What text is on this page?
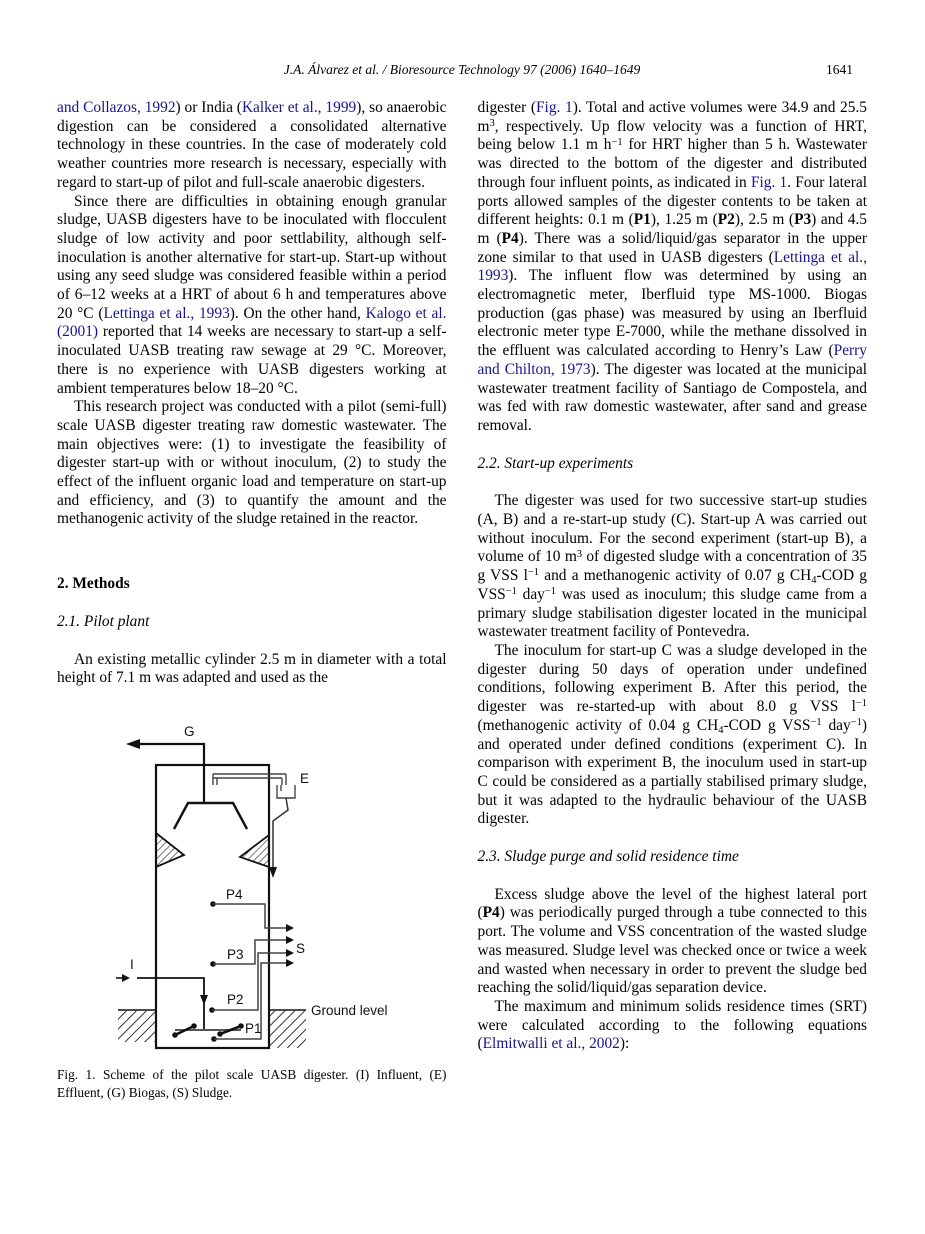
J.A. Álvarez et al. / Bioresource Technology 97 (2006) 1640–1649	1641

and Collazos, 1992) or India (Kalker et al., 1999), so anaerobic digestion can be considered a consolidated alternative technology in these countries. In the case of moderately cold weather countries more research is necessary, especially with regard to start-up of pilot and full-scale anaerobic digesters.

Since there are difficulties in obtaining enough granular sludge, UASB digesters have to be inoculated with flocculent sludge of low activity and poor settlability, although self-inoculation is another alternative for start-up. Start-up without using any seed sludge was considered feasible within a period of 6–12 weeks at a HRT of about 6 h and temperatures above 20 °C (Lettinga et al., 1993). On the other hand, Kalogo et al. (2001) reported that 14 weeks are necessary to start-up a self-inoculated UASB treating raw sewage at 29 °C. Moreover, there is no experience with UASB digesters working at ambient temperatures below 18–20 °C.

This research project was conducted with a pilot (semi-full) scale UASB digester treating raw domestic wastewater. The main objectives were: (1) to investigate the feasibility of digester start-up with or without inoculum, (2) to study the effect of the influent organic load and temperature on start-up and efficiency, and (3) to quantify the amount and the methanogenic activity of the sludge retained in the reactor.

2. Methods
2.1. Pilot plant

An existing metallic cylinder 2.5 m in diameter with a total height of 7.1 m was adapted and used as the

G
E
P4
P3
P2
P1
S
I
Ground level

Fig. 1. Scheme of the pilot scale UASB digester. (I) Influent, (E) Effluent, (G) Biogas, (S) Sludge.

digester (Fig. 1). Total and active volumes were 34.9 and 25.5 $m^3$, respectively. Up flow velocity was a function of HRT, being below 1.1 m $h^{-1}$ for HRT higher than 5 h. Wastewater was directed to the bottom of the digester and distributed through four influent points, as indicated in Fig. 1. Four lateral ports allowed samples of the digester contents to be taken at different heights: 0.1 m (P1), 1.25 m (P2), 2.5 m (P3) and 4.5 m (P4). There was a solid/liquid/gas separator in the upper zone similar to that used in UASB digesters (Lettinga et al., 1993). The influent flow was determined by using an electromagnetic meter, Iberfluid type MS-1000. Biogas production (gas phase) was measured by using an Iberfluid electronic meter type E-7000, while the methane dissolved in the effluent was calculated according to Henry’s Law (Perry and Chilton, 1973). The digester was located at the municipal wastewater treatment facility of Santiago de Compostela, and was fed with raw domestic wastewater, after sand and grease removal.

2.2. Start-up experiments

The digester was used for two successive start-up studies (A, B) and a re-start-up study (C). Start-up A was carried out without inoculum. For the second experiment (start-up B), a volume of 10 $m^3$ of digested sludge with a concentration of 35 g VSS $l^{-1}$ and a methanogenic activity of 0.07 g CH4-COD g $VSS^{-1}$ day$^{-1}$ was used as inoculum; this sludge came from a primary sludge stabilisation digester located in the municipal wastewater treatment facility of Pontevedra.

The inoculum for start-up C was a sludge developed in the digester during 50 days of operation under undefined conditions, following experiment B. After this period, the digester was re-started-up with about 8.0 g VSS $l^{-1}$ (methanogenic activity of 0.04 g CH4-COD g $VSS^{-1}$ day$^{-1}$) and operated under defined conditions (experiment C). In comparison with experiment B, the inoculum used in start-up C could be considered as a partially stabilised primary sludge, but it was adapted to the hydraulic behaviour of the UASB digester.

2.3. Sludge purge and solid residence time

Excess sludge above the level of the highest lateral port (P4) was periodically purged through a tube connected to this port. The volume and VSS concentration of the wasted sludge was measured. Sludge level was checked once or twice a week and wasted when necessary in order to prevent the sludge bed reaching the solid/liquid/gas separation device.

The maximum and minimum solids residence times (SRT) were calculated according to the following equations (Elmitwalli et al., 2002):
